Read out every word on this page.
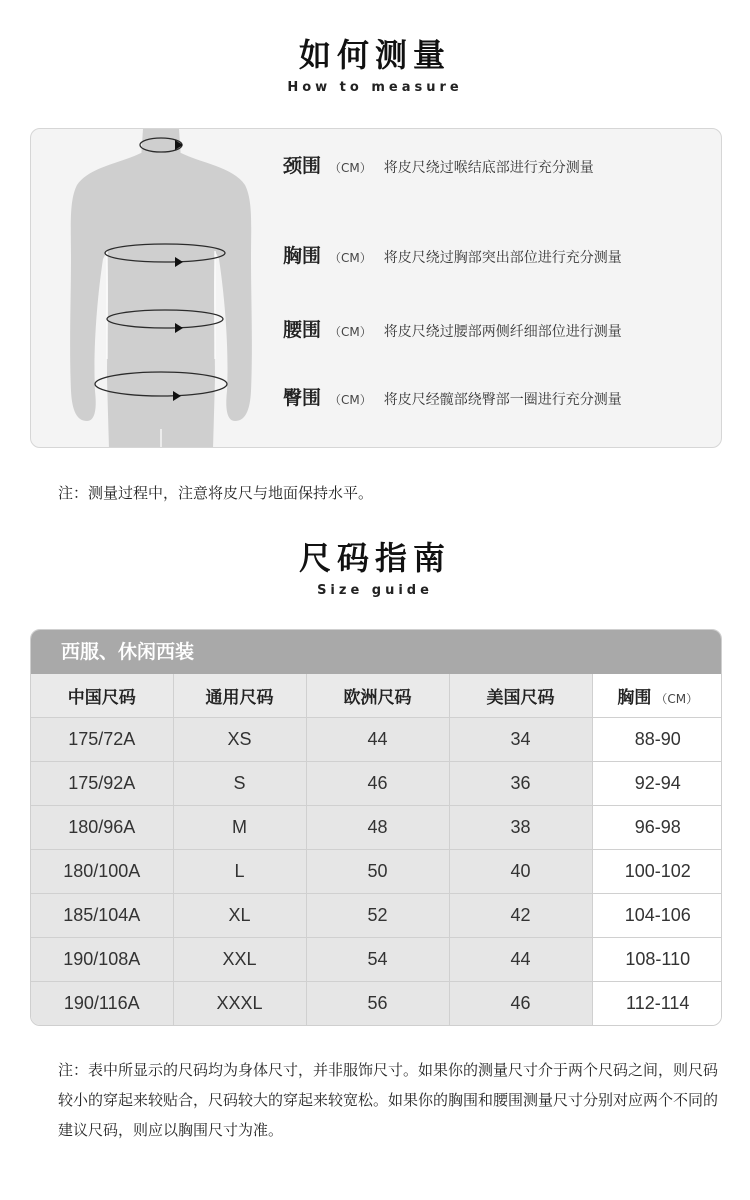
如何测量
How to measure
颈围 （CM） 将皮尺绕过喉结底部进行充分测量
胸围 （CM） 将皮尺绕过胸部突出部位进行充分测量
腰围 （CM） 将皮尺绕过腰部两侧纤细部位进行测量
臀围 （CM） 将皮尺经髋部绕臀部一圈进行充分测量
注：测量过程中，注意将皮尺与地面保持水平。
尺码指南
Size guide
西服、休闲西装
中国尺码	通用尺码	欧洲尺码	美国尺码	胸围 （CM）
175/72A	XS	44	34	88-90
175/92A	S	46	36	92-94
180/96A	M	48	38	96-98
180/100A	L	50	40	100-102
185/104A	XL	52	42	104-106
190/108A	XXL	54	44	108-110
190/116A	XXXL	56	46	112-114
注：表中所显示的尺码均为身体尺寸，并非服饰尺寸。如果你的测量尺寸介于两个尺码之间，则尺码较小的穿起来较贴合，尺码较大的穿起来较宽松。如果你的胸围和腰围测量尺寸分别对应两个不同的建议尺码，则应以胸围尺寸为准。
